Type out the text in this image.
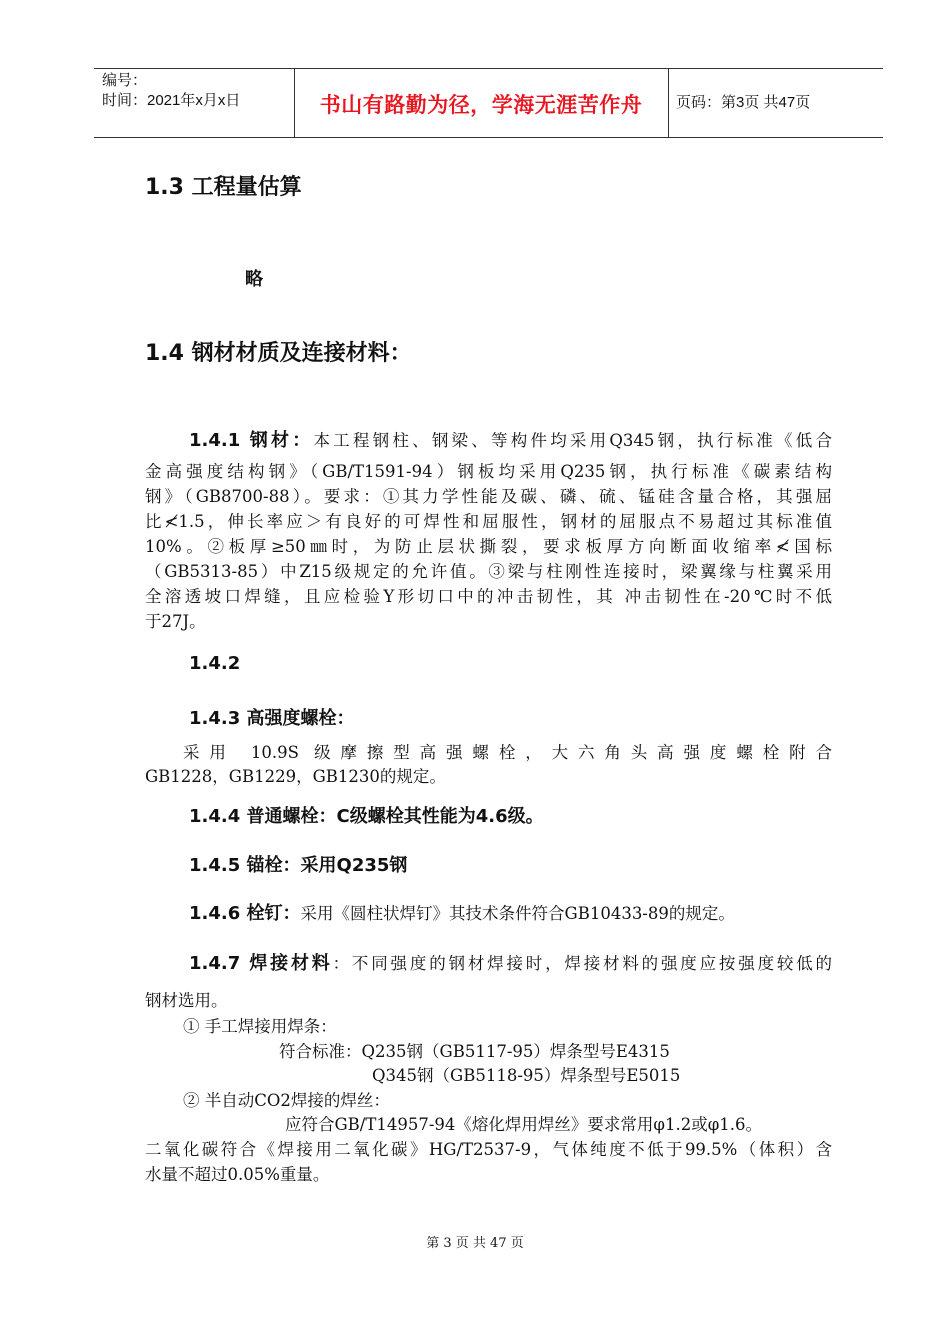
编号：
时间：2021年x月x日	书山有路勤为径，学海无涯苦作舟	页码：第3页 共47页
1.3 工程量估算
略
1.4 钢材材质及连接材料：
1.4.1 钢材：本工程钢柱、钢梁、等构件均采用Q345钢，执行标准《低合
金高强度结构钢》（GB/T1591-94）钢板均采用Q235钢，执行标准《碳素结构
钢》（GB8700-88）。要求：①其力学性能及碳、磷、硫、锰硅含量合格，其强屈
比≮1.5，伸长率应＞有良好的可焊性和屈服性，钢材的屈服点不易超过其标准值
10%。②板厚≥50㎜时，为防止层状撕裂，要求板厚方向断面收缩率≮国标
（GB5313-85）中Z15级规定的允许值。③梁与柱刚性连接时，梁翼缘与柱翼采用
全溶透坡口焊缝，且应检验Y形切口中的冲击韧性，其 冲击韧性在-20℃时不低
于27J。
1.4.2
1.4.3 高强度螺栓：
采用 10.9S 级摩擦型高强螺栓，大六角头高强度螺栓附合
GB1228，GB1229，GB1230的规定。
1.4.4 普通螺栓：C级螺栓其性能为4.6级。
1.4.5 锚栓：采用Q235钢
1.4.6 栓钉：采用《圆柱状焊钉》其技术条件符合GB10433-89的规定。
1.4.7 焊接材料：不同强度的钢材焊接时，焊接材料的强度应按强度较低的
钢材选用。
① 手工焊接用焊条：
符合标准：Q235钢（GB5117-95）焊条型号E4315
Q345钢（GB5118-95）焊条型号E5015
② 半自动CO2焊接的焊丝：
应符合GB/T14957-94《熔化焊用焊丝》要求常用φ1.2或φ1.6。
二氧化碳符合《焊接用二氧化碳》HG/T2537-9，气体纯度不低于99.5%（体积）含
水量不超过0.05%重量。
第 3 页 共 47 页
